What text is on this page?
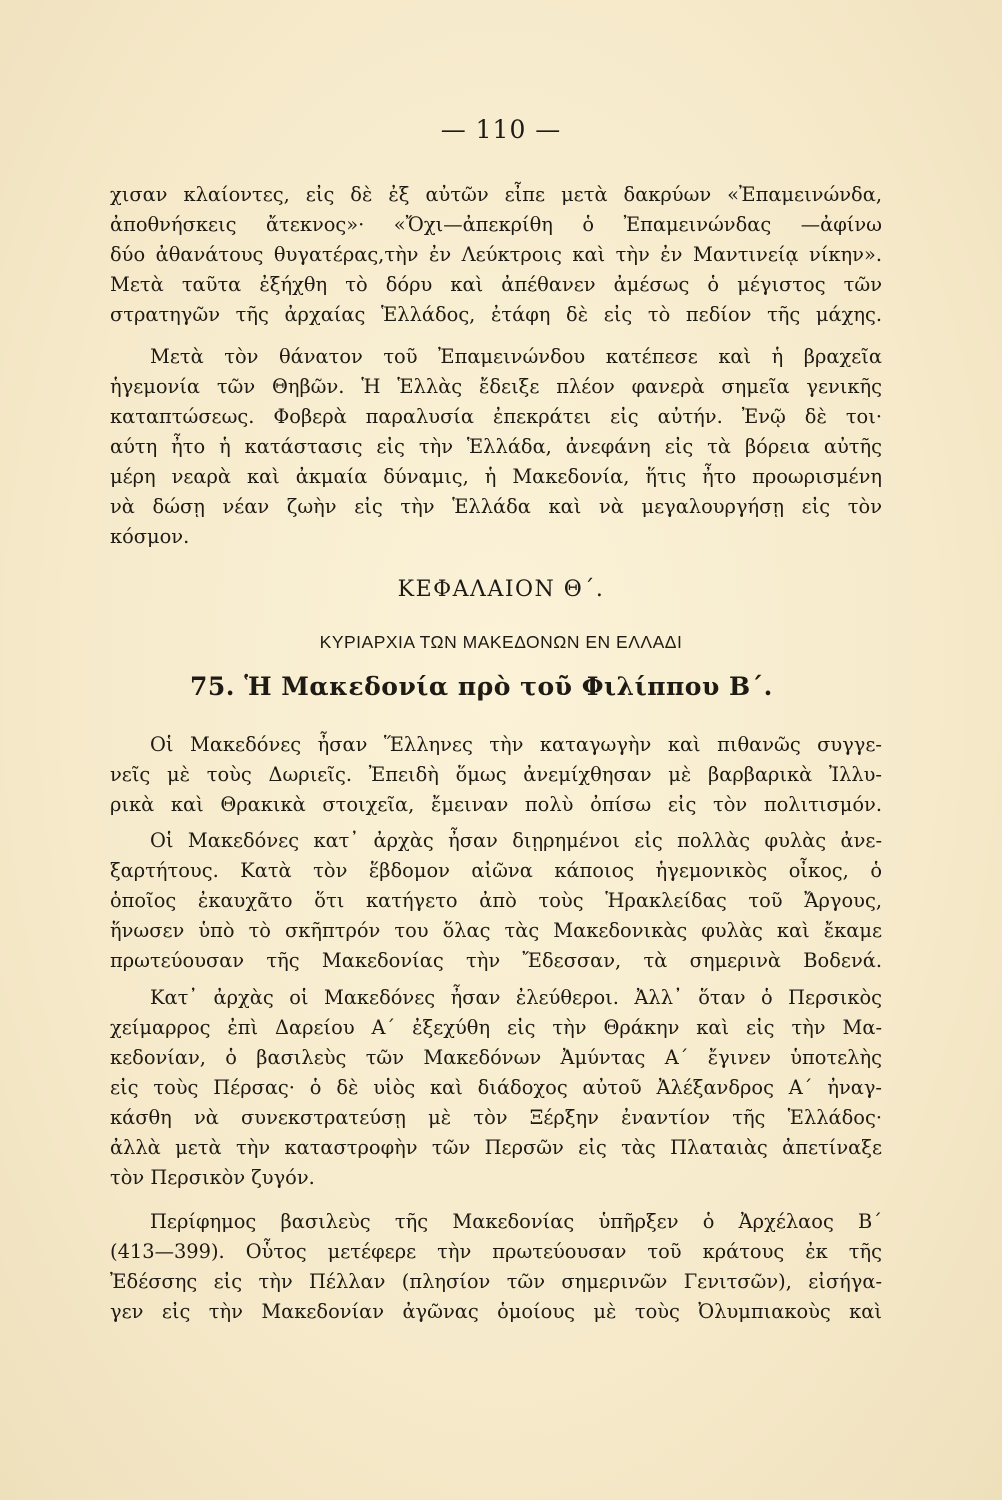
— 110 —
χισαν κλαίοντες, εἰς δὲ ἐξ αὐτῶν εἶπε μετὰ δακρύων «Ἐπαμεινώνδα,
ἀποθνήσκεις ἄτεκνος»· «Ὄχι—ἀπεκρίθη ὁ Ἐπαμεινώνδας —ἀφίνω
δύο ἀθανάτους θυγατέρας,τὴν ἐν Λεύκτροις καὶ τὴν ἐν Μαντινείᾳ νίκην».
Μετὰ ταῦτα ἐξήχθη τὸ δόρυ καὶ ἀπέθανεν ἀμέσως ὁ μέγιστος τῶν
στρατηγῶν τῆς ἀρχαίας Ἑλλάδος, ἐτάφη δὲ εἰς τὸ πεδίον τῆς μάχης.
Μετὰ τὸν θάνατον τοῦ Ἐπαμεινώνδου κατέπεσε καὶ ἡ βραχεῖα
ἡγεμονία τῶν Θηβῶν. Ἡ Ἑλλὰς ἔδειξε πλέον φανερὰ σημεῖα γενικῆς
καταπτώσεως. Φοβερὰ παραλυσία ἐπεκράτει εἰς αὐτήν. Ἐνῷ δὲ τοι·
αύτη ἦτο ἡ κατάστασις εἰς τὴν Ἑλλάδα, ἀνεφάνη εἰς τὰ βόρεια αὐτῆς
μέρη νεαρὰ καὶ ἀκμαία δύναμις, ἡ Μακεδονία, ἥτις ἦτο προωρισμένη
νὰ δώσῃ νέαν ζωὴν εἰς τὴν Ἑλλάδα καὶ νὰ μεγαλουργήσῃ εἰς τὸν
κόσμον.
ΚΕΦΑΛΑΙΟΝ Θ΄.
ΚΥΡΙΑΡΧΙΑ ΤΩΝ ΜΑΚΕΔΟΝΩΝ ΕΝ ΕΛΛΑΔΙ
75. Ἡ Μακεδονία πρὸ τοῦ Φιλίππου Β΄.
Οἱ Μακεδόνες ἦσαν Ἕλληνες τὴν καταγωγὴν καὶ πιθανῶς συγγε-
νεῖς μὲ τοὺς Δωριεῖς. Ἐπειδὴ ὅμως ἀνεμίχθησαν μὲ βαρβαρικὰ Ἰλλυ-
ρικὰ καὶ Θρακικὰ στοιχεῖα, ἔμειναν πολὺ ὀπίσω εἰς τὸν πολιτισμόν.
Οἱ Μακεδόνες κατ᾽ ἀρχὰς ἦσαν διῃρημένοι εἰς πολλὰς φυλὰς ἀνε-
ξαρτήτους. Κατὰ τὸν ἕβδομον αἰῶνα κάποιος ἡγεμονικὸς οἶκος, ὁ
ὁποῖος ἐκαυχᾶτο ὅτι κατήγετο ἀπὸ τοὺς Ἡρακλείδας τοῦ Ἄργους,
ἥνωσεν ὑπὸ τὸ σκῆπτρόν του ὅλας τὰς Μακεδονικὰς φυλὰς καὶ ἔκαμε
πρωτεύουσαν τῆς Μακεδονίας τὴν Ἔδεσσαν, τὰ σημερινὰ Βοδενά.
Κατ᾽ ἀρχὰς οἱ Μακεδόνες ἦσαν ἐλεύθεροι. Ἀλλ᾽ ὅταν ὁ Περσικὸς
χείμαρρος ἐπὶ Δαρείου Α΄ ἐξεχύθη εἰς τὴν Θράκην καὶ εἰς τὴν Μα-
κεδονίαν, ὁ βασιλεὺς τῶν Μακεδόνων Ἀμύντας Α΄ ἔγινεν ὑποτελὴς
εἰς τοὺς Πέρσας· ὁ δὲ υἱὸς καὶ διάδοχος αὐτοῦ Ἀλέξανδρος Α΄ ἠναγ-
κάσθη νὰ συνεκστρατεύσῃ μὲ τὸν Ξέρξην ἐναντίον τῆς Ἑλλάδος·
ἀλλὰ μετὰ τὴν καταστροφὴν τῶν Περσῶν εἰς τὰς Πλαταιὰς ἀπετίναξε
τὸν Περσικὸν ζυγόν.
Περίφημος βασιλεὺς τῆς Μακεδονίας ὑπῆρξεν ὁ Ἀρχέλαος Β΄
(413—399). Οὗτος μετέφερε τὴν πρωτεύουσαν τοῦ κράτους ἐκ τῆς
Ἐδέσσης εἰς τὴν Πέλλαν (πλησίον τῶν σημερινῶν Γενιτσῶν), εἰσήγα-
γεν εἰς τὴν Μακεδονίαν ἀγῶνας ὁμοίους μὲ τοὺς Ὀλυμπιακοὺς καὶ
